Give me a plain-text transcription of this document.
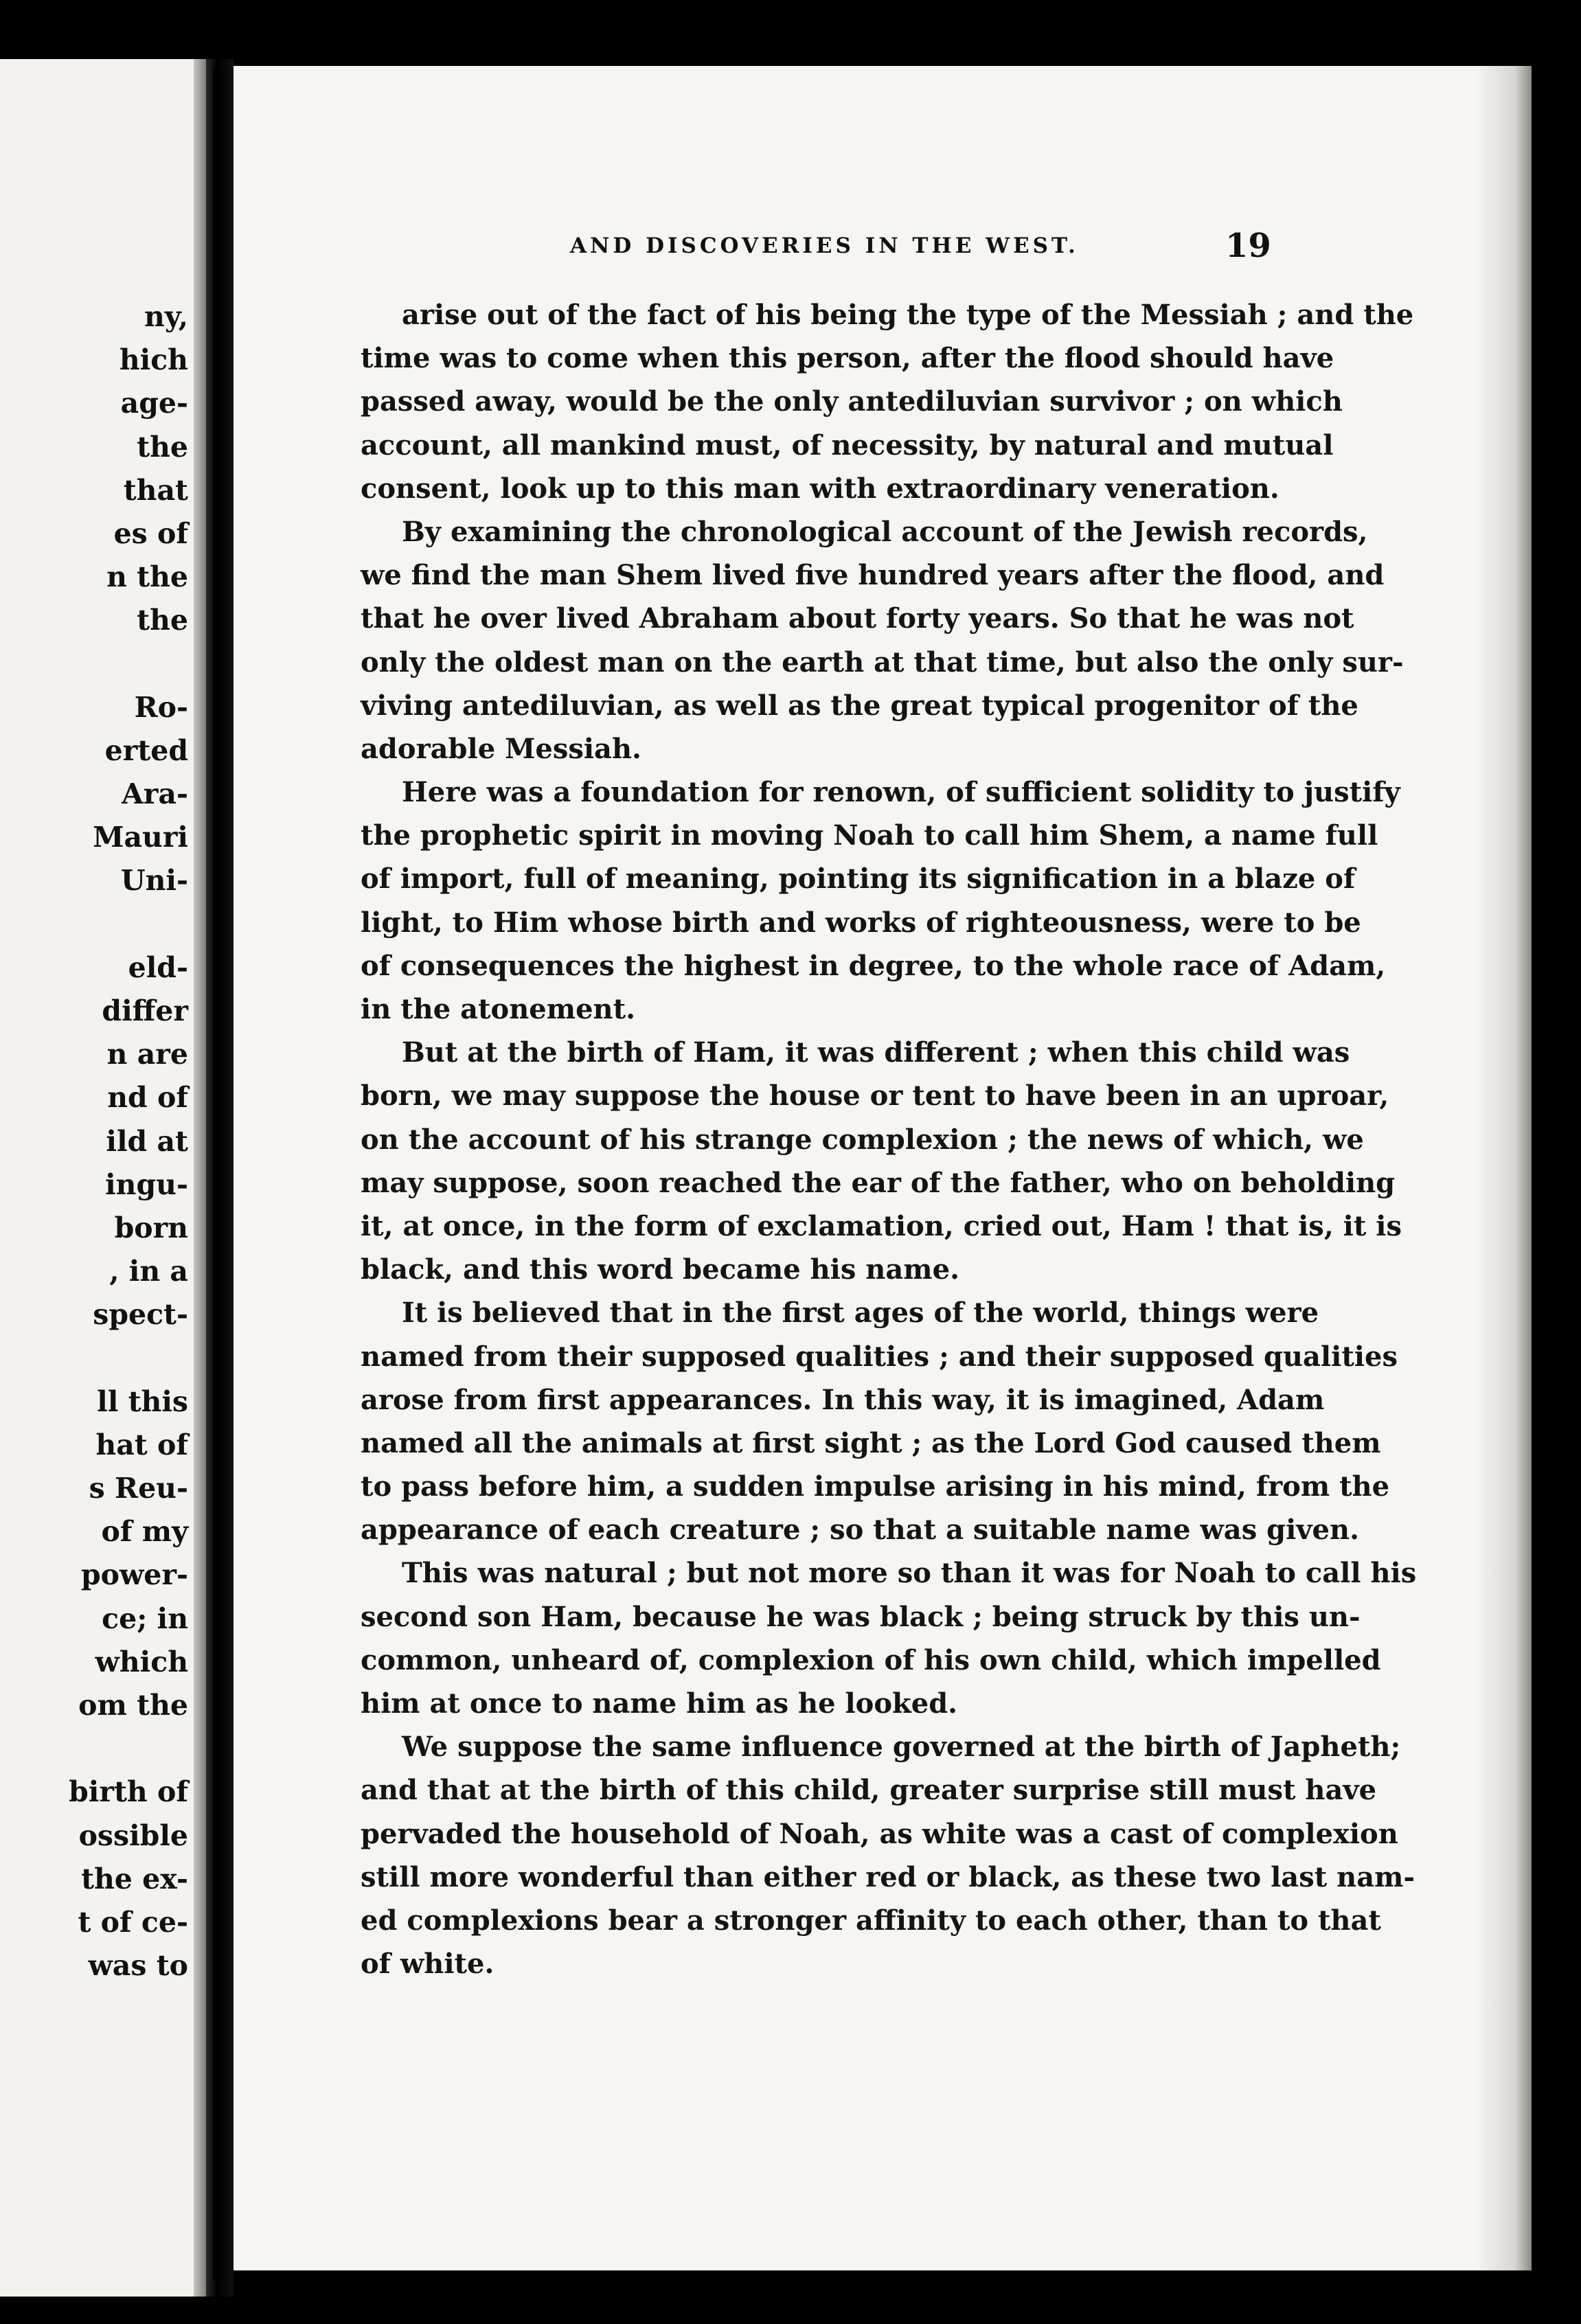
ny,
hich
age-
the
that
es of
n the
the
Ro-
erted
Ara-
Mauri
Uni-
eld-
differ
n are
nd of
ild at
ingu-
born
, in a
spect-
ll this
hat of
s Reu-
of my
power-
ce; in
which
om the
birth of
ossible
the ex-
t of ce-
was to
AND DISCOVERIES IN THE WEST.	19
arise out of the fact of his being the type of the Messiah ; and the
time was to come when this person, after the flood should have
passed away, would be the only antediluvian survivor ; on which
account, all mankind must, of necessity, by natural and mutual
consent, look up to this man with extraordinary veneration.
By examining the chronological account of the Jewish records,
we find the man Shem lived five hundred years after the flood, and
that he over lived Abraham about forty years. So that he was not
only the oldest man on the earth at that time, but also the only sur-
viving antediluvian, as well as the great typical progenitor of the
adorable Messiah.
Here was a foundation for renown, of sufficient solidity to justify
the prophetic spirit in moving Noah to call him Shem, a name full
of import, full of meaning, pointing its signification in a blaze of
light, to Him whose birth and works of righteousness, were to be
of consequences the highest in degree, to the whole race of Adam,
in the atonement.
But at the birth of Ham, it was different ; when this child was
born, we may suppose the house or tent to have been in an uproar,
on the account of his strange complexion ; the news of which, we
may suppose, soon reached the ear of the father, who on beholding
it, at once, in the form of exclamation, cried out, Ham ! that is, it is
black, and this word became his name.
It is believed that in the first ages of the world, things were
named from their supposed qualities ; and their supposed qualities
arose from first appearances. In this way, it is imagined, Adam
named all the animals at first sight ; as the Lord God caused them
to pass before him, a sudden impulse arising in his mind, from the
appearance of each creature ; so that a suitable name was given.
This was natural ; but not more so than it was for Noah to call his
second son Ham, because he was black ; being struck by this un-
common, unheard of, complexion of his own child, which impelled
him at once to name him as he looked.
We suppose the same influence governed at the birth of Japheth;
and that at the birth of this child, greater surprise still must have
pervaded the household of Noah, as white was a cast of complexion
still more wonderful than either red or black, as these two last nam-
ed complexions bear a stronger affinity to each other, than to that
of white.
